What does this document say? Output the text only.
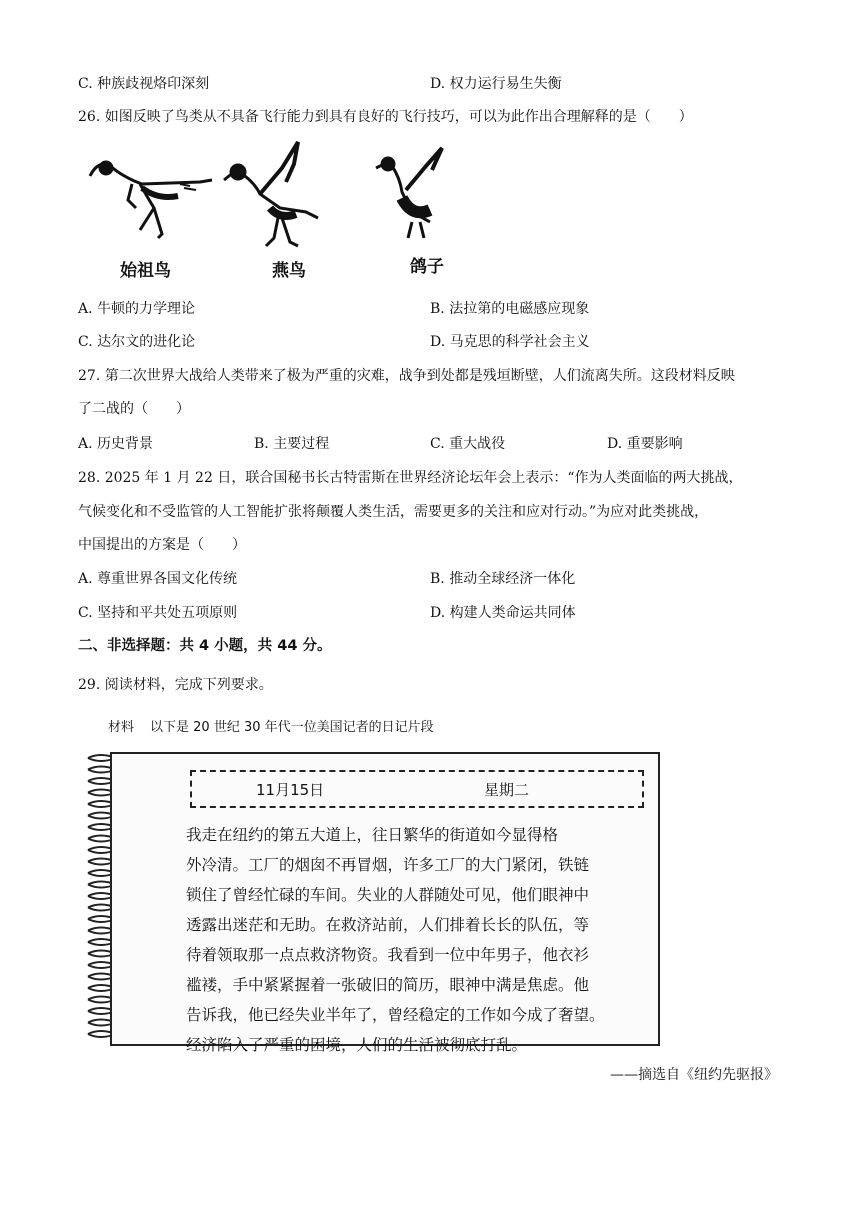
C. 种族歧视烙印深刻	D. 权力运行易生失衡
26. 如图反映了鸟类从不具备飞行能力到具有良好的飞行技巧，可以为此作出合理解释的是（　　）
始祖鸟	燕鸟	鸽子
A. 牛顿的力学理论	B. 法拉第的电磁感应现象
C. 达尔文的进化论	D. 马克思的科学社会主义
27. 第二次世界大战给人类带来了极为严重的灾难，战争到处都是残垣断壁，人们流离失所。这段材料反映
了二战的（　　）
A. 历史背景	B. 主要过程	C. 重大战役	D. 重要影响
28. 2025 年 1 月 22 日，联合国秘书长古特雷斯在世界经济论坛年会上表示：“作为人类面临的两大挑战，
气候变化和不受监管的人工智能扩张将颠覆人类生活，需要更多的关注和应对行动。”为应对此类挑战，
中国提出的方案是（　　）
A. 尊重世界各国文化传统	B. 推动全球经济一体化
C. 坚持和平共处五项原则	D. 构建人类命运共同体
二、非选择题：共 4 小题，共 44 分。
29. 阅读材料，完成下列要求。
材料 以下是 20 世纪 30 年代一位美国记者的日记片段
11月15日	星期二
我走在纽约的第五大道上，往日繁华的街道如今显得格
外冷清。工厂的烟囱不再冒烟，许多工厂的大门紧闭，铁链
锁住了曾经忙碌的车间。失业的人群随处可见，他们眼神中
透露出迷茫和无助。在救济站前，人们排着长长的队伍，等
待着领取那一点点救济物资。我看到一位中年男子，他衣衫
褴褛，手中紧紧握着一张破旧的简历，眼神中满是焦虑。他
告诉我，他已经失业半年了，曾经稳定的工作如今成了奢望。
经济陷入了严重的困境，人们的生活被彻底打乱。
——摘选自《纽约先驱报》
